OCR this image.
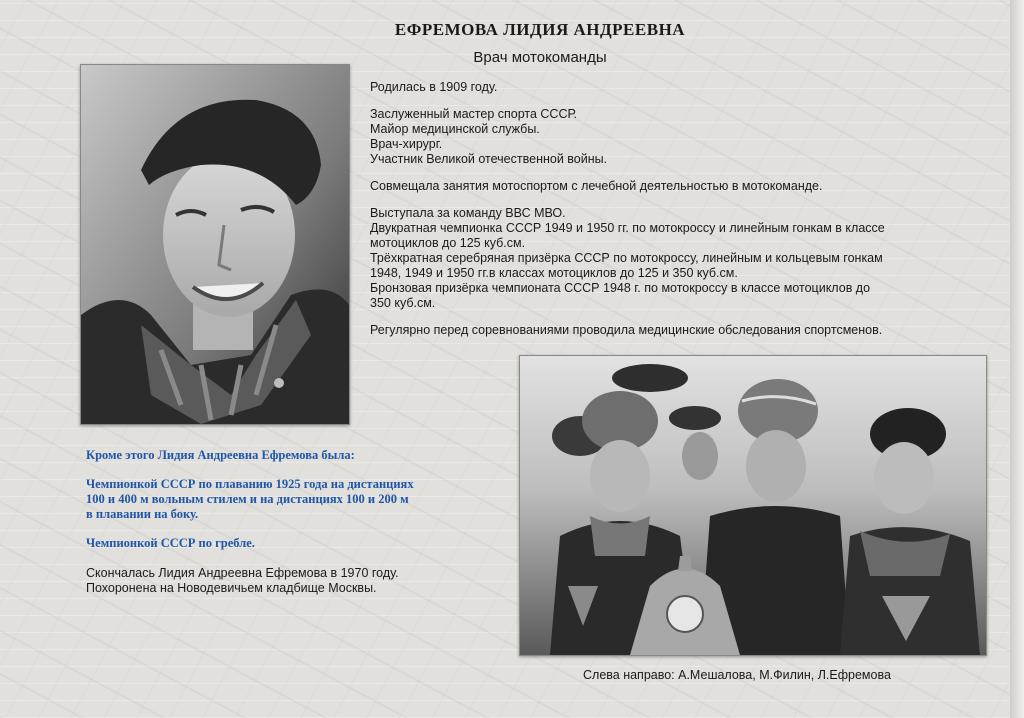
ЕФРЕМОВА ЛИДИЯ АНДРЕЕВНА
Врач мотокоманды

Родилась в 1909 году.

Заслуженный мастер спорта СССР.
Майор медицинской службы.
Врач-хирург.
Участник Великой отечественной войны.

Совмещала занятия мотоспортом с лечебной деятельностью в мотокоманде.

Выступала за команду ВВС МВО.
Двукратная чемпионка СССР 1949 и 1950 гг. по мотокроссу и линейным гонкам в классе
мотоциклов до 125 куб.см.
Трёхкратная серебряная призёрка СССР по мотокроссу, линейным и кольцевым гонкам
1948, 1949 и 1950 гг.в классах мотоциклов до 125 и 350 куб.см.
Бронзовая призёрка чемпионата СССР 1948 г. по мотокроссу в классе мотоциклов до
350 куб.см.

Регулярно перед соревнованиями проводила медицинские обследования спортсменов.

Кроме этого Лидия Андреевна Ефремова была:

Чемпионкой СССР по плаванию 1925 года на дистанциях
100 и 400 м вольным стилем и на дистанциях 100 и 200 м
в плавании на боку.

Чемпионкой СССР по гребле.

Скончалась Лидия Андреевна Ефремова в 1970 году.
Похоронена на Новодевичьем кладбище Москвы.
Слева направо: А.Мешалова, М.Филин, Л.Ефремова
